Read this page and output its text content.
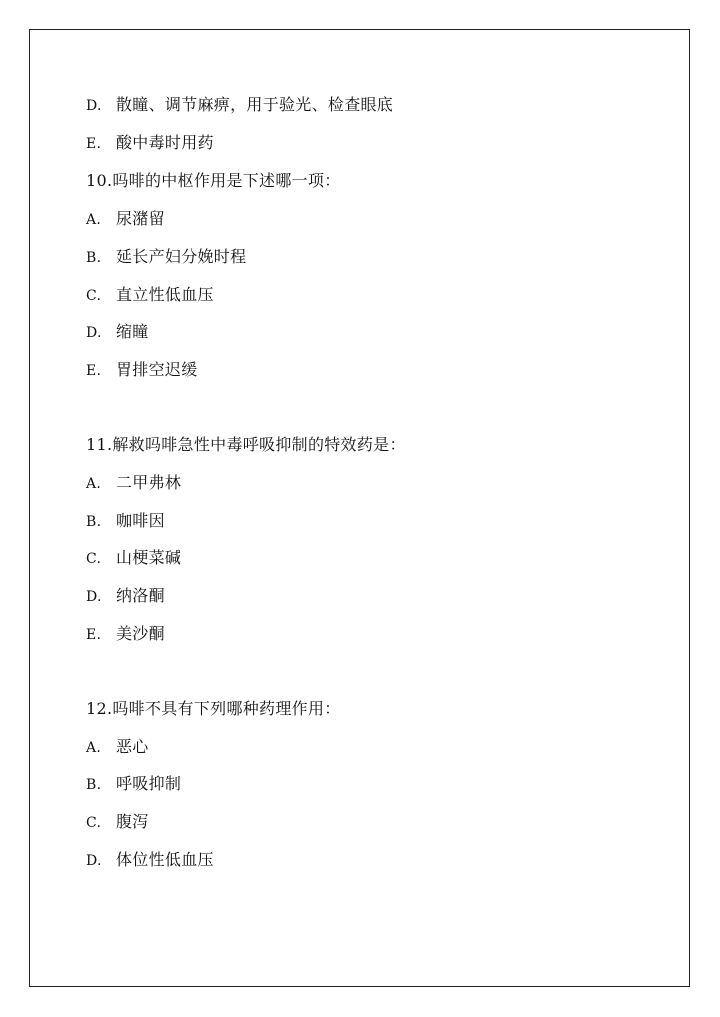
D. 散瞳、调节麻痹，用于验光、检查眼底
E. 酸中毒时用药
10.吗啡的中枢作用是下述哪一项：
A. 尿潴留
B. 延长产妇分娩时程
C. 直立性低血压
D. 缩瞳
E. 胃排空迟缓
11.解救吗啡急性中毒呼吸抑制的特效药是：
A. 二甲弗林
B. 咖啡因
C. 山梗菜碱
D. 纳洛酮
E. 美沙酮
12.吗啡不具有下列哪种药理作用：
A. 恶心
B. 呼吸抑制
C. 腹泻
D. 体位性低血压
